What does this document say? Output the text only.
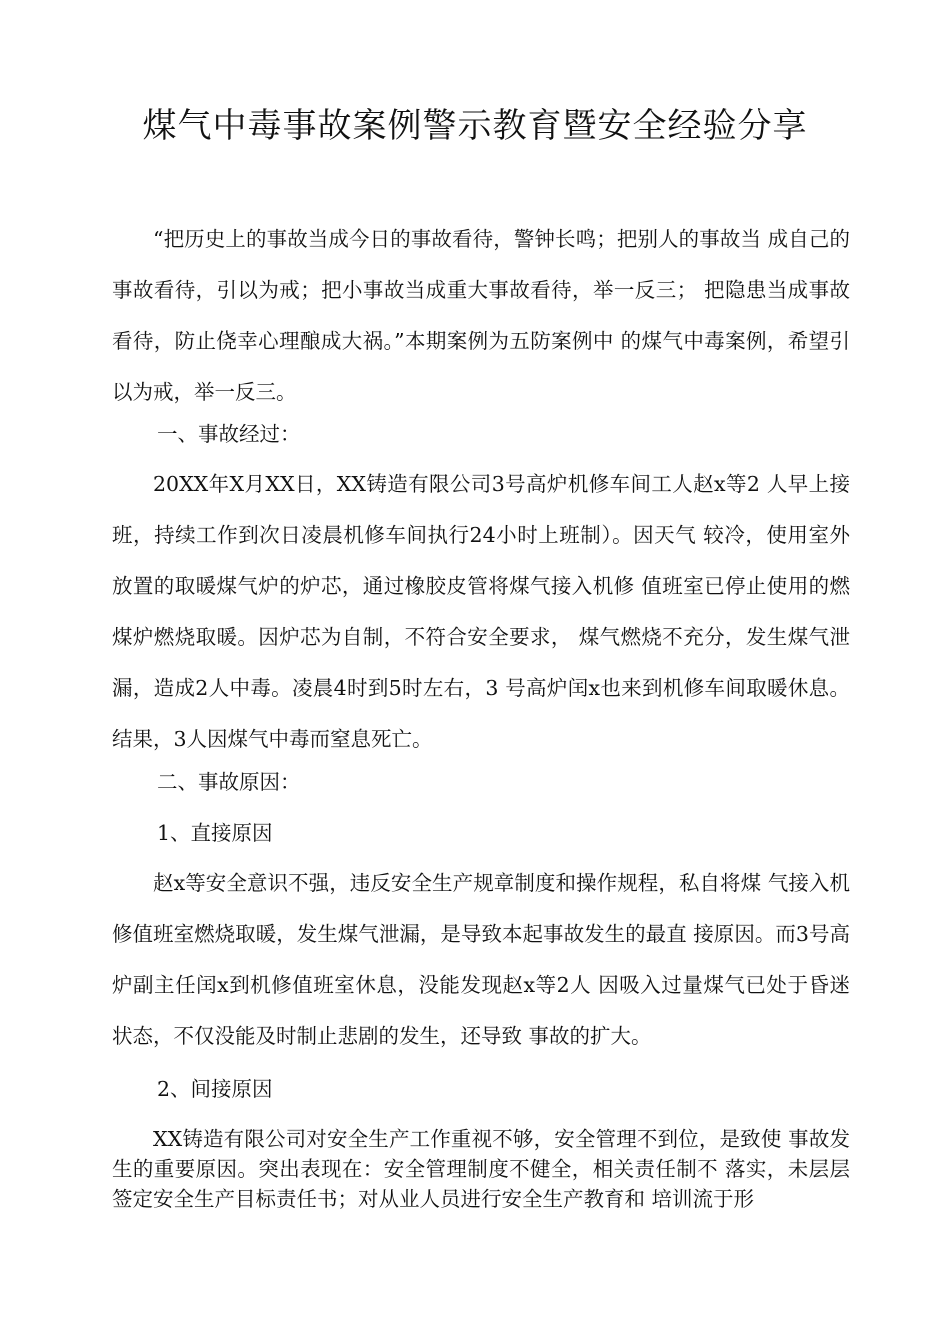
煤气中毒事故案例警示教育暨安全经验分享

“把历史上的事故当成今日的事故看待，警钟长鸣；把别人的事故当 成自己的事故看待，引以为戒；把小事故当成重大事故看待，举一反三； 把隐患当成事故看待，防止侥幸心理酿成大祸。”本期案例为五防案例中 的煤气中毒案例，希望引以为戒，举一反三。

一、事故经过：

20XX年X月XX日，XX铸造有限公司3号高炉机修车间工人赵x等2 人早上接班，持续工作到次日凌晨机修车间执行24小时上班制）。因天气 较冷，使用室外放置的取暖煤气炉的炉芯，通过橡胶皮管将煤气接入机修 值班室已停止使用的燃煤炉燃烧取暖。因炉芯为自制，不符合安全要求， 煤气燃烧不充分，发生煤气泄漏，造成2人中毒。凌晨4时到5时左右，3 号高炉闰x也来到机修车间取暖休息。结果，3人因煤气中毒而窒息死亡。

二、事故原因：

1、直接原因

赵x等安全意识不强，违反安全生产规章制度和操作规程，私自将煤 气接入机修值班室燃烧取暖，发生煤气泄漏，是导致本起事故发生的最直 接原因。而3号高炉副主任闰x到机修值班室休息，没能发现赵x等2人 因吸入过量煤气已处于昏迷状态，不仅没能及时制止悲剧的发生，还导致 事故的扩大。

2、间接原因

XX铸造有限公司对安全生产工作重视不够，安全管理不到位，是致使 事故发生的重要原因。突出表现在：安全管理制度不健全，相关责任制不 落实，未层层签定安全生产目标责任书；对从业人员进行安全生产教育和 培训流于形
